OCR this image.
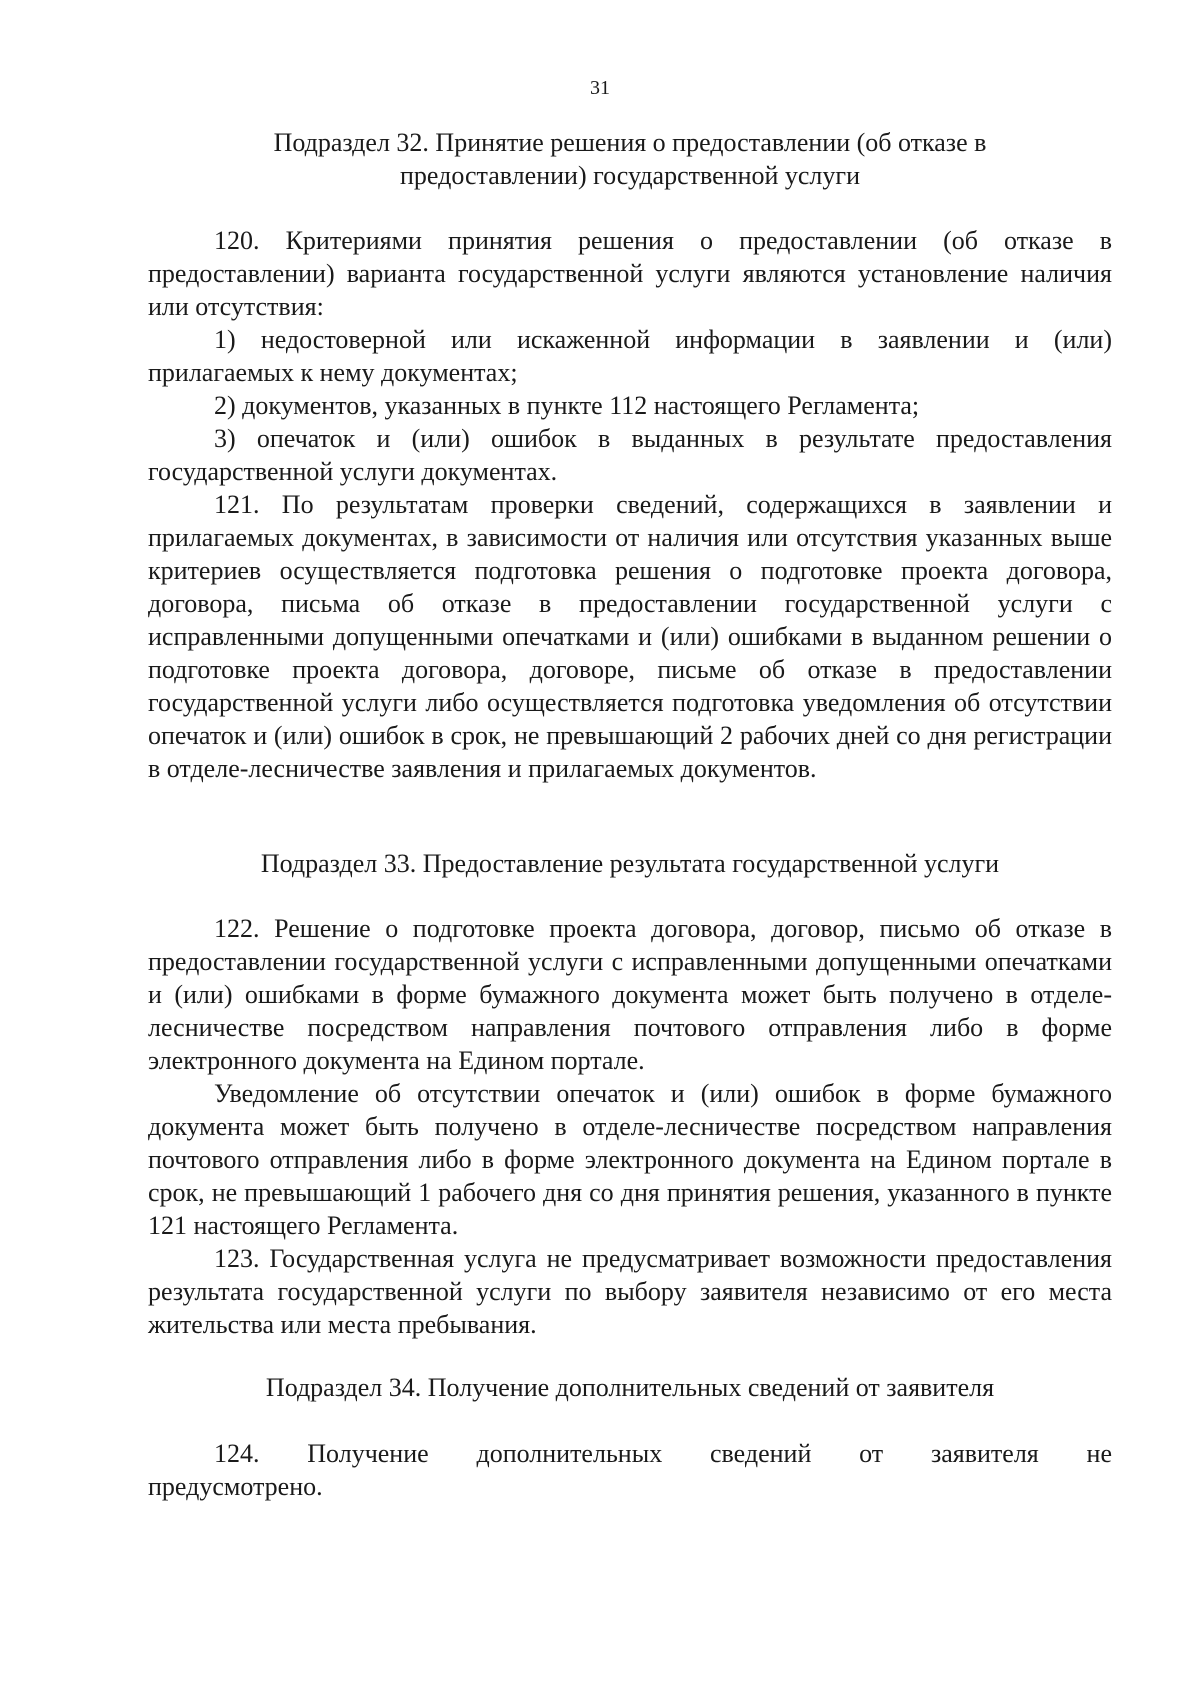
31
Подраздел 32. Принятие решения о предоставлении (об отказе в
предоставлении) государственной услуги

120. Критериями принятия решения о предоставлении (об отказе в предоставлении) варианта государственной услуги являются установление наличия или отсутствия:

1) недостоверной или искаженной информации в заявлении и (или) прилагаемых к нему документах;

2) документов, указанных в пункте 112 настоящего Регламента;

3) опечаток и (или) ошибок в выданных в результате предоставления государственной услуги документах.

121. По результатам проверки сведений, содержащихся в заявлении и прилагаемых документах, в зависимости от наличия или отсутствия указанных выше критериев осуществляется подготовка решения о подготовке проекта договора, договора, письма об отказе в предоставлении государственной услуги с исправленными допущенными опечатками и (или) ошибками в выданном решении о подготовке проекта договора, договоре, письме об отказе в предоставлении государственной услуги либо осуществляется подготовка уведомления об отсутствии опечаток и (или) ошибок в срок, не превышающий 2 рабочих дней со дня регистрации в отделе-лесничестве заявления и прилагаемых документов.

Подраздел 33. Предоставление результата государственной услуги

122. Решение о подготовке проекта договора, договор, письмо об отказе в предоставлении государственной услуги с исправленными допущенными опечатками и (или) ошибками в форме бумажного документа может быть получено в отделе-лесничестве посредством направления почтового отправления либо в форме электронного документа на Едином портале.

Уведомление об отсутствии опечаток и (или) ошибок в форме бумажного документа может быть получено в отделе-лесничестве посредством направления почтового отправления либо в форме электронного документа на Едином портале в срок, не превышающий 1 рабочего дня со дня принятия решения, указанного в пункте 121 настоящего Регламента.

123. Государственная услуга не предусматривает возможности предоставления результата государственной услуги по выбору заявителя независимо от его места жительства или места пребывания.

Подраздел 34. Получение дополнительных сведений от заявителя
124. Получение дополнительных сведений от заявителя не

предусмотрено.
